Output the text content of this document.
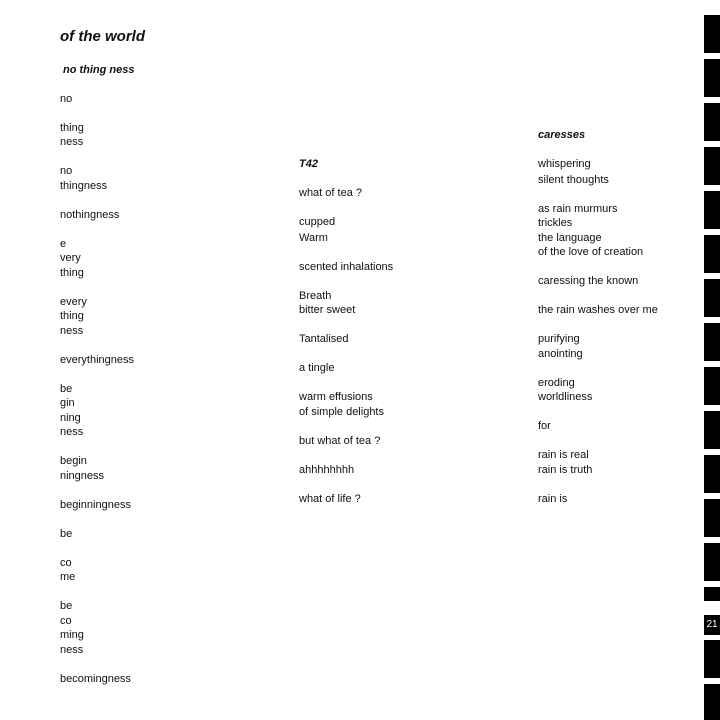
of the world
no thing ness
no
thing
ness
no
thingness
nothingness
e
very
thing
every
thing
ness
everythingness
be
gin
ning
ness
begin
ningness
beginningness
be
co
me
be
co
ming
ness
becomingness
T42
what of tea ?
cupped
Warm
scented inhalations
Breath
bitter sweet
Tantalised
a tingle
warm effusions
of simple delights
but what of tea ?
ahhhhhhhh
what of life ?
caresses
whispering
silent thoughts
as rain murmurs
trickles
the language
of the love of creation
caressing the known
the rain washes over me
purifying
anointing
eroding
worldliness
for
rain is real
rain is truth
rain is
21
